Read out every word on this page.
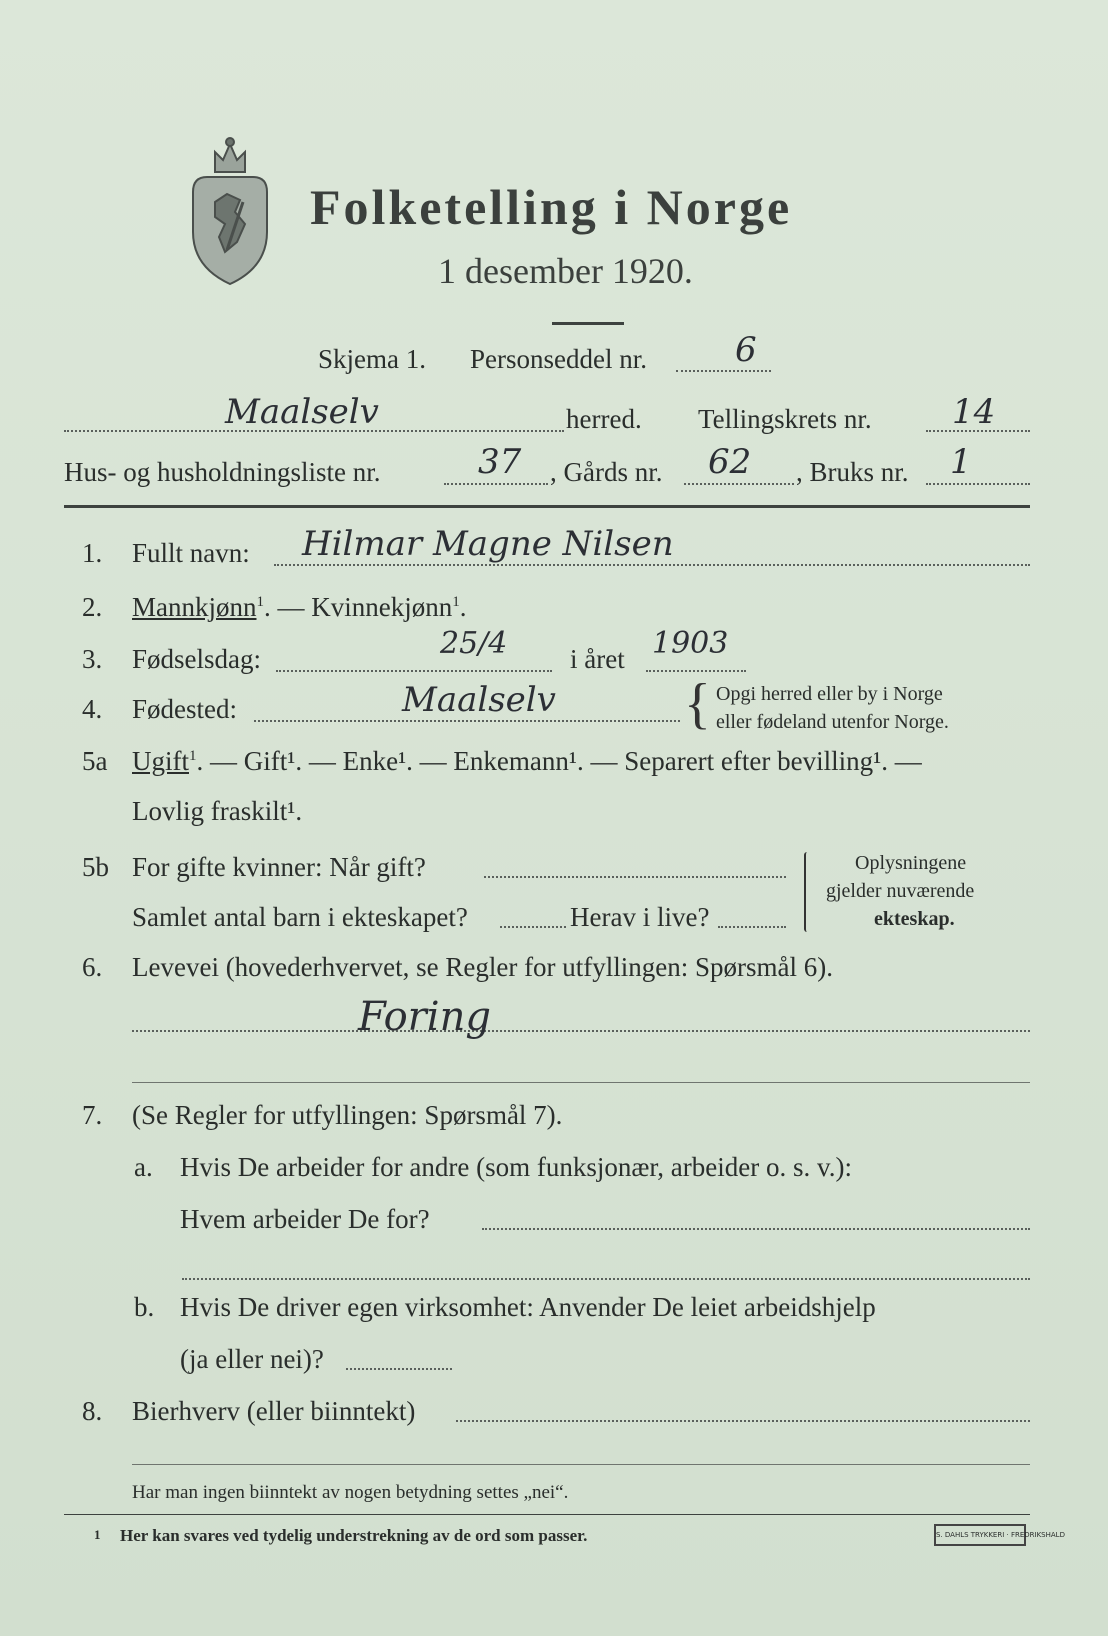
Folketelling i Norge
1 desember 1920.
Skjema 1. Personseddel nr.	6
Maalselv	herred. Tellingskrets nr. 14
Hus- og husholdningsliste nr.	37 , Gårds nr. 62 , Bruks nr. 1
1. Fullt navn: Hilmar Magne Nilsen
2. Mannkjønn$^1$. — Kvinnekjønn$^1$.
3. Fødselsdag:	25/4 i året 1903
4. Fødested:	Maalselv { Opgi herred eller by i Norge
eller fødeland utenfor Norge.
5a Ugift$^1$. — Gift¹. — Enke¹. — Enkemann¹. — Separert efter bevilling¹. —
Lovlig fraskilt¹.
5b For gifte kvinner: Når gift?
Samlet antal barn i ekteskapet?	Herav i live?
Oplysningene
gjelder nuværende
ekteskap.
6. Levevei (hovederhvervet, se Regler for utfyllingen: Spørsmål 6).
Foring
7. (Se Regler for utfyllingen: Spørsmål 7).
a. Hvis De arbeider for andre (som funksjonær, arbeider o. s. v.):
Hvem arbeider De for?
b. Hvis De driver egen virksomhet: Anvender De leiet arbeidshjelp
(ja eller nei)?
8. Bierhverv (eller biinntekt)
Har man ingen biinntekt av nogen betydning settes „nei“.
1 Her kan svares ved tydelig understrekning av de ord som passer.	S. DAHLS TRYKKERI · FREDRIKSHALD
